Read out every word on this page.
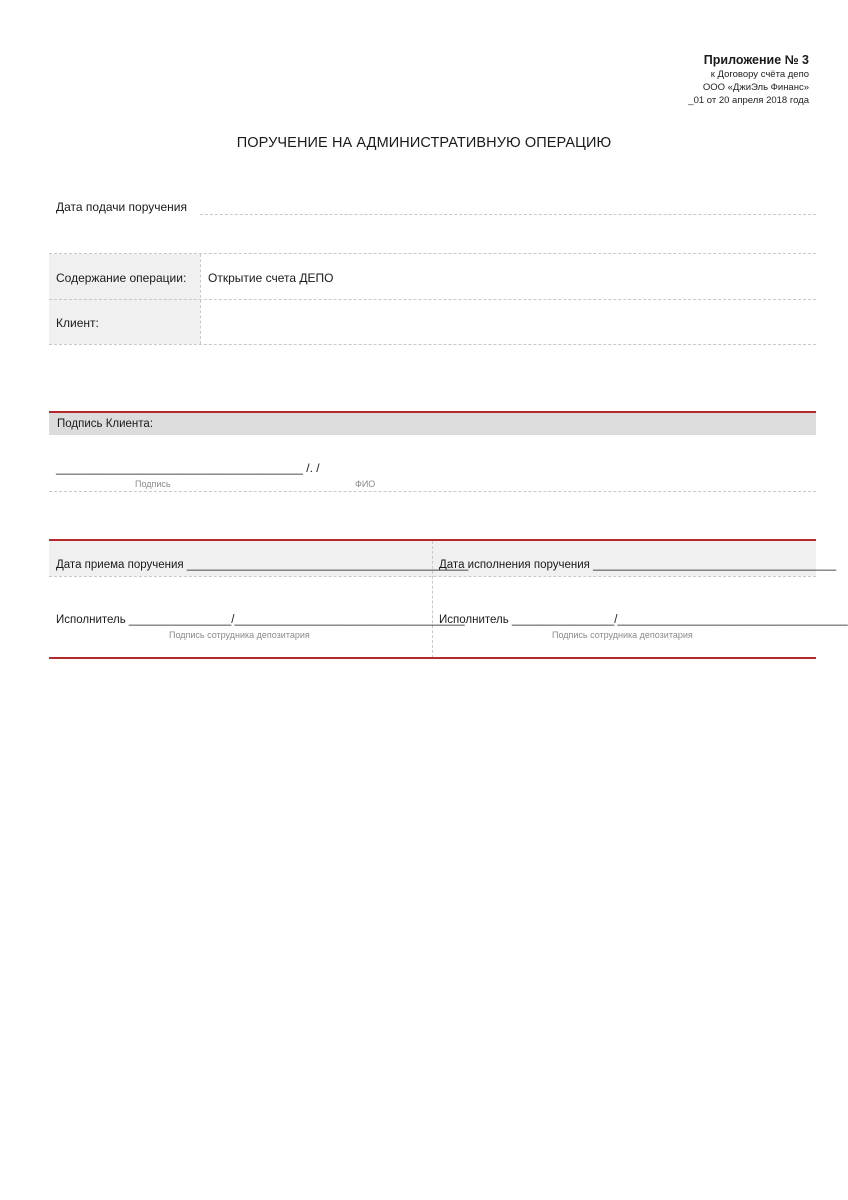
Приложение № 3
к Договору счёта депо
ООО «ДжиЭль Финанс»
_01 от 20 апреля 2018 года
ПОРУЧЕНИЕ НА АДМИНИСТРАТИВНУЮ ОПЕРАЦИЮ
Дата подачи поручения
Содержание операции: Открытие счета ДЕПО
Клиент:
Подпись Клиента:
_____________________________________ /. /
Подпись	ФИО
Дата приема поручения ____________________________________________
Дата исполнения поручения ______________________________________
Исполнитель ________________/____________________________________
Исполнитель ________________/____________________________________
Подпись сотрудника депозитария	Подпись сотрудника депозитария
